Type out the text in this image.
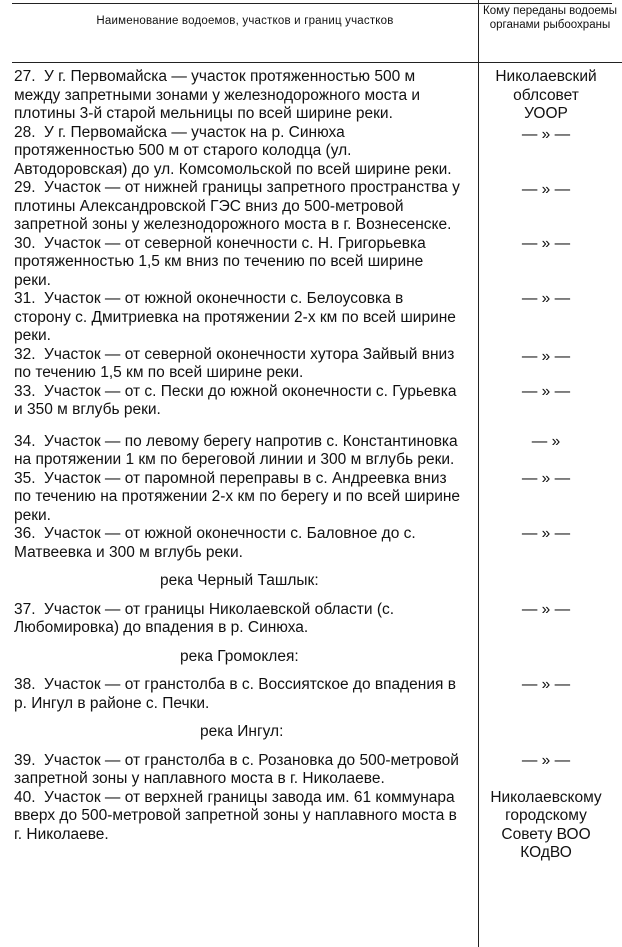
Наименование водоемов, участков и границ участков
Кому переданы водоемы органами рыбоохраны
27. У г. Первомайска — участок протяженностью 500 м между запретными зонами у железнодорожного моста и плотины 3-й старой мельницы по всей ширине реки.
Николаевский облсовет
УООР
28. У г. Первомайска — участок на р. Синюха протяженностью 500 м от старого колодца (ул. Автодоровская) до ул. Комсомольской по всей ширине реки.
— » —
29. Участок — от нижней границы запретного пространства у плотины Александровской ГЭС вниз до 500-метровой запретной зоны у железнодорожного моста в г. Вознесенске.
— » —
30. Участок — от северной конечности с. Н. Григорьевка протяженностью 1,5 км вниз по течению по всей ширине реки.
— » —
31. Участок — от южной оконечности с. Белоусовка в сторону с. Дмитриевка на протяжении 2-х км по всей ширине реки.
— » —
32. Участок — от северной оконечности хутора Зайвый вниз по течению 1,5 км по всей ширине реки.
— » —
33. Участок — от с. Пески до южной оконечности с. Гурьевка и 350 м вглубь реки.
— » —
34. Участок — по левому берегу напротив с. Константиновка на протяжении 1 км по береговой линии и 300 м вглубь реки.
— »
35. Участок — от паромной переправы в с. Андреевка вниз по течению на протяжении 2-х км по берегу и по всей ширине реки.
— » —
36. Участок — от южной оконечности с. Баловное до с. Матвеевка и 300 м вглубь реки.
— » —
река Черный Ташлык:
37. Участок — от границы Николаевской области (с. Любомировка) до впадения в р. Синюха.
— » —
река Громоклея:
38. Участок — от гранстолба в с. Воссиятское до впадения в р. Ингул в районе с. Печки.
— » —
река Ингул:
39. Участок — от гранстолба в с. Розановка до 500-метровой запретной зоны у наплавного моста в г. Николаеве.
— » —
40. Участок — от верхней границы завода им. 61 коммунара вверх до 500-метровой запретной зоны у наплавного моста в г. Николаеве.
Николаевскому городскому Совету ВОО КОдВО
